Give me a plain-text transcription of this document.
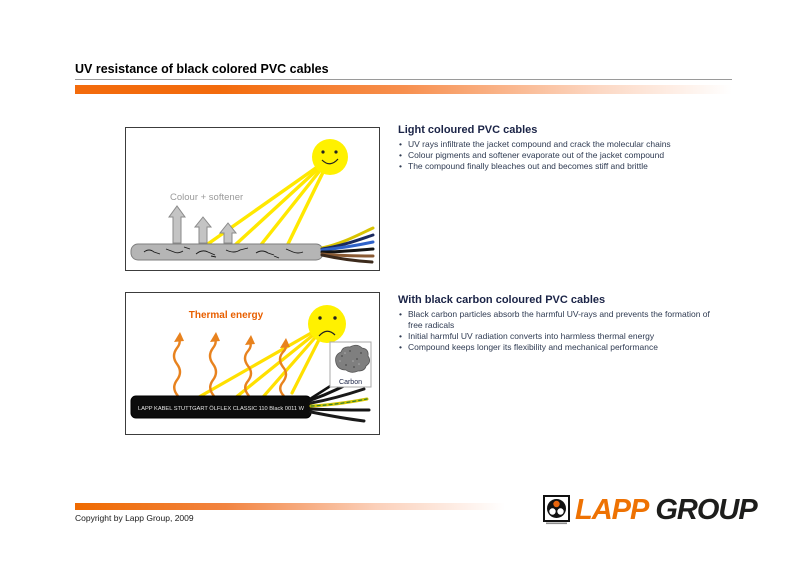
UV resistance of black colored PVC cables
Colour + softener
Light coloured PVC cables
• UV rays infiltrate the jacket compound and crack the molecular chains
• Colour pigments and softener evaporate out of the jacket compound
• The compound finally bleaches out and becomes stiff and brittle
Thermal energy
LAPP KABEL STUTTGART ÖLFLEX CLASSIC 110 Black 0011 W
Carbon
With black carbon coloured PVC cables
• Black carbon particles absorb the harmful UV-rays and prevents the formation of free radicals
• Initial harmful UV radiation converts into harmless thermal energy
• Compound keeps longer its flexibility and mechanical performance
Copyright by Lapp Group, 2009	LAPP GROUP
